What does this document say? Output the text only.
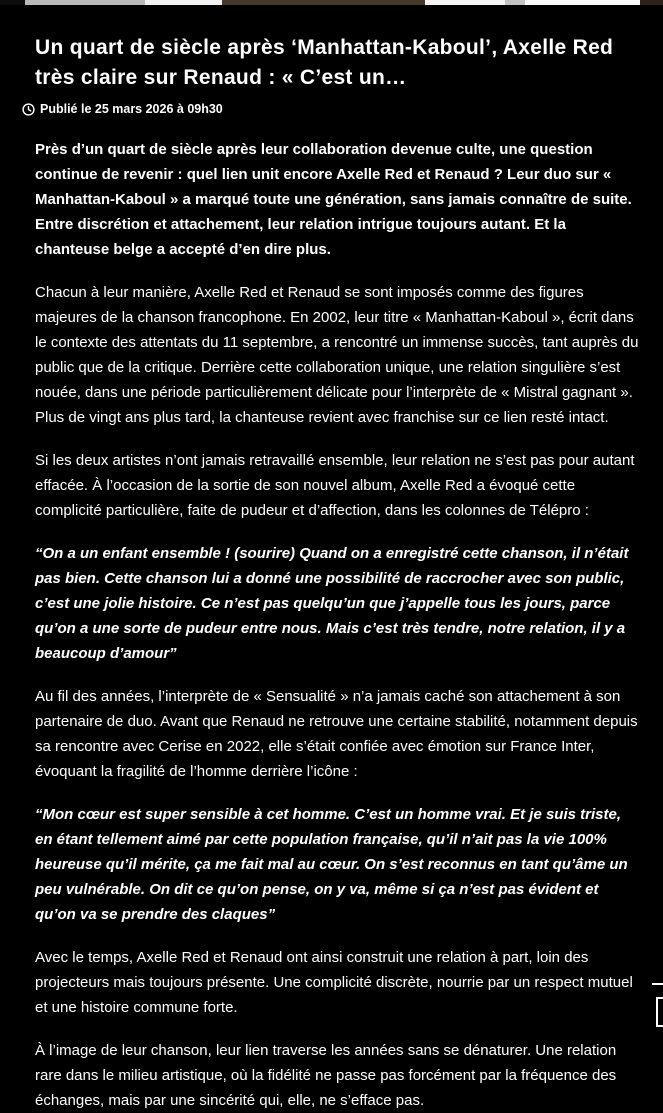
Un quart de siècle après ‘Manhattan-Kaboul’, Axelle Red très claire sur Renaud : « C’est un…
Publié le 25 mars 2026 à 09h30

Près d’un quart de siècle après leur collaboration devenue culte, une question continue de revenir : quel lien unit encore Axelle Red et Renaud ? Leur duo sur « Manhattan-Kaboul » a marqué toute une génération, sans jamais connaître de suite. Entre discrétion et attachement, leur relation intrigue toujours autant. Et la chanteuse belge a accepté d’en dire plus.

Chacun à leur manière, Axelle Red et Renaud se sont imposés comme des figures majeures de la chanson francophone. En 2002, leur titre « Manhattan-Kaboul », écrit dans le contexte des attentats du 11 septembre, a rencontré un immense succès, tant auprès du public que de la critique. Derrière cette collaboration unique, une relation singulière s’est nouée, dans une période particulièrement délicate pour l’interprète de « Mistral gagnant ». Plus de vingt ans plus tard, la chanteuse revient avec franchise sur ce lien resté intact.

Si les deux artistes n’ont jamais retravaillé ensemble, leur relation ne s’est pas pour autant effacée. À l’occasion de la sortie de son nouvel album, Axelle Red a évoqué cette complicité particulière, faite de pudeur et d’affection, dans les colonnes de Télépro :

“On a un enfant ensemble ! (sourire) Quand on a enregistré cette chanson, il n’était pas bien. Cette chanson lui a donné une possibilité de raccrocher avec son public, c’est une jolie histoire. Ce n’est pas quelqu’un que j’appelle tous les jours, parce qu’on a une sorte de pudeur entre nous. Mais c’est très tendre, notre relation, il y a beaucoup d’amour”

Au fil des années, l’interprète de « Sensualité » n’a jamais caché son attachement à son partenaire de duo. Avant que Renaud ne retrouve une certaine stabilité, notamment depuis sa rencontre avec Cerise en 2022, elle s’était confiée avec émotion sur France Inter, évoquant la fragilité de l’homme derrière l’icône :

“Mon cœur est super sensible à cet homme. C’est un homme vrai. Et je suis triste, en étant tellement aimé par cette population française, qu’il n’ait pas la vie 100% heureuse qu’il mérite, ça me fait mal au cœur. On s’est reconnus en tant qu’âme un peu vulnérable. On dit ce qu’on pense, on y va, même si ça n’est pas évident et qu’on va se prendre des claques”

Avec le temps, Axelle Red et Renaud ont ainsi construit une relation à part, loin des projecteurs mais toujours présente. Une complicité discrète, nourrie par un respect mutuel et une histoire commune forte.

À l’image de leur chanson, leur lien traverse les années sans se dénaturer. Une relation rare dans le milieu artistique, où la fidélité ne passe pas forcément par la fréquence des échanges, mais par une sincérité qui, elle, ne s’efface pas.
